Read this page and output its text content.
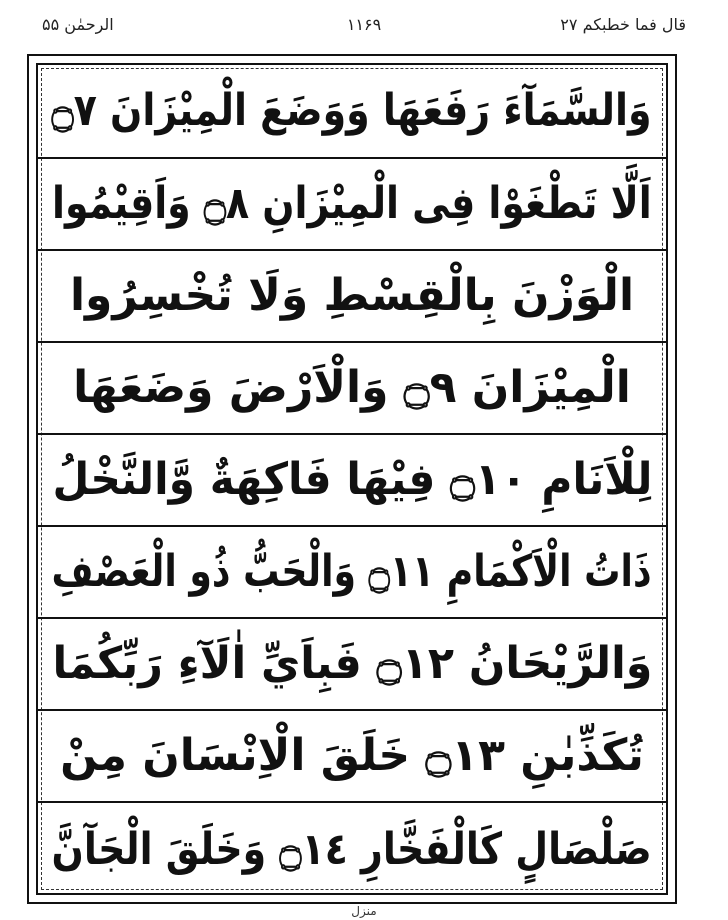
الرحمٰن ۵۵	۱۱۶۹	قال فما خطبکم ۲۷
وَالسَّمَآءَ رَفَعَهَا وَوَضَعَ الْمِيْزَانَ ۝٧
اَلَّا تَطْغَوْا فِى الْمِيْزَانِ ۝٨ وَاَقِيْمُوا
الْوَزْنَ بِالْقِسْطِ وَلَا تُخْسِرُوا
الْمِيْزَانَ ۝٩ وَالْاَرْضَ وَضَعَهَا
لِلْاَنَامِ ۝١٠ فِيْهَا فَاكِهَةٌ وَّالنَّخْلُ
ذَاتُ الْاَكْمَامِ ۝١١ وَالْحَبُّ ذُو الْعَصْفِ
وَالرَّيْحَانُ ۝١٢ فَبِاَيِّ اٰلَآءِ رَبِّكُمَا
تُكَذِّبٰنِ ۝١٣ خَلَقَ الْاِنْسَانَ مِنْ
صَلْصَالٍ كَالْفَخَّارِ ۝١٤ وَخَلَقَ الْجَآنَّ
منزل
